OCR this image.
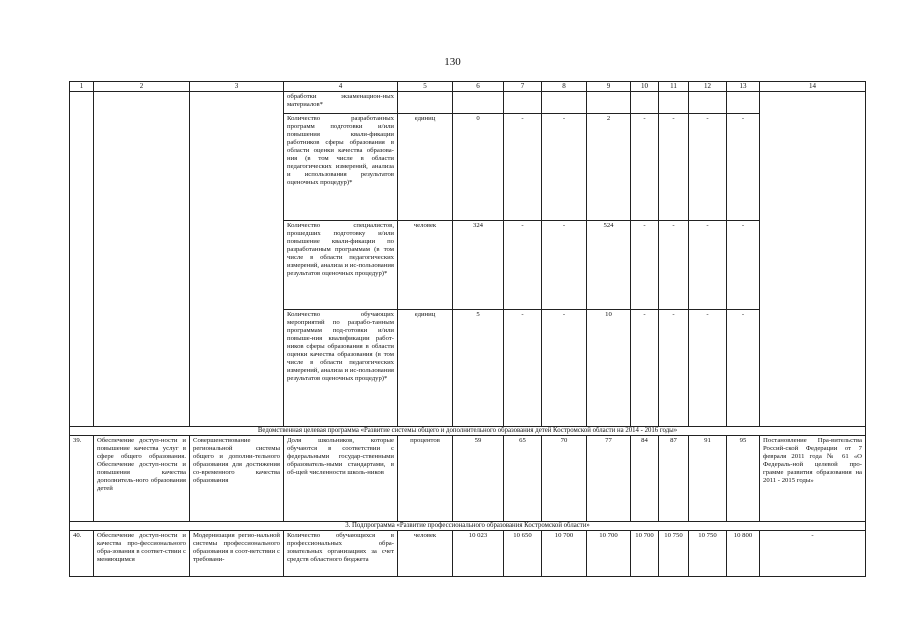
130
1	2	3	4	5	6	7	8	9	10	11	12	13	14
			обработки экзаменацион-ных материалов*										
			Количество разработанных программ подготовки и/или повышения квали-фикации работников сферы образования в области оценки качества образова-ния (в том числе в области педагогических измерений, анализа и использования результатов оценочных процедур)*	единиц	0	-	-	2	-	-	-	-	
			Количество специалистов, прошедших подготовку и/или повышение квали-фикации по разработанным программам (в том числе в области педагогических измерений, анализа и ис-пользования результатов оценочных процедур)*	человек	324	-	-	524	-	-	-	-	
			Количество обучающих мероприятий по разрабо-танным программам под-готовки и/или повыше-ния квалификации работ-ников сферы образования в области оценки качества образования (в том числе в области педагогических измерений, анализа и ис-пользования результатов оценочных процедур)*	единиц	5	-	-	10	-	-	-	-	
Ведомственная целевая программа «Развитие системы общего и дополнительного образования детей Костромской области на 2014 - 2016 годы»													
39.	Обеспечение доступ-ности и повышение качества услуг в сфере общего образования. Обеспечение доступ-ности и повышения качества дополнитель-ного образования детей	Совершенствование региональной системы общего и дополни-тельного образования для достижения со-временного качества образования	Доля школьников, которые обучаются в соответствии с федеральными государ-ственными образователь-ными стандартами, в об-щей численности школь-ников	процентов	59	65	70	77	84	87	91	95	Постановление Пра-вительства Россий-ской Федерации от 7 февраля 2011 года № 61 «О Федераль-ной целевой про-грамме развития образования на 2011 - 2015 годы»
3. Подпрограмма «Развитие профессионального образования Костромской области»													
40.	Обеспечение доступ-ности и качества про-фессионального обра-зования в соответ-ствии с меняющимся	Модернизация регио-нальной системы профессионального образования в соот-ветствии с требовани-	Количество обучающихся в профессиональных обра-зовательных организациях за счет средств областного бюджета	человек	10 023	10 650	10 700	10 700	10 700	10 750	10 750	10 800	-
